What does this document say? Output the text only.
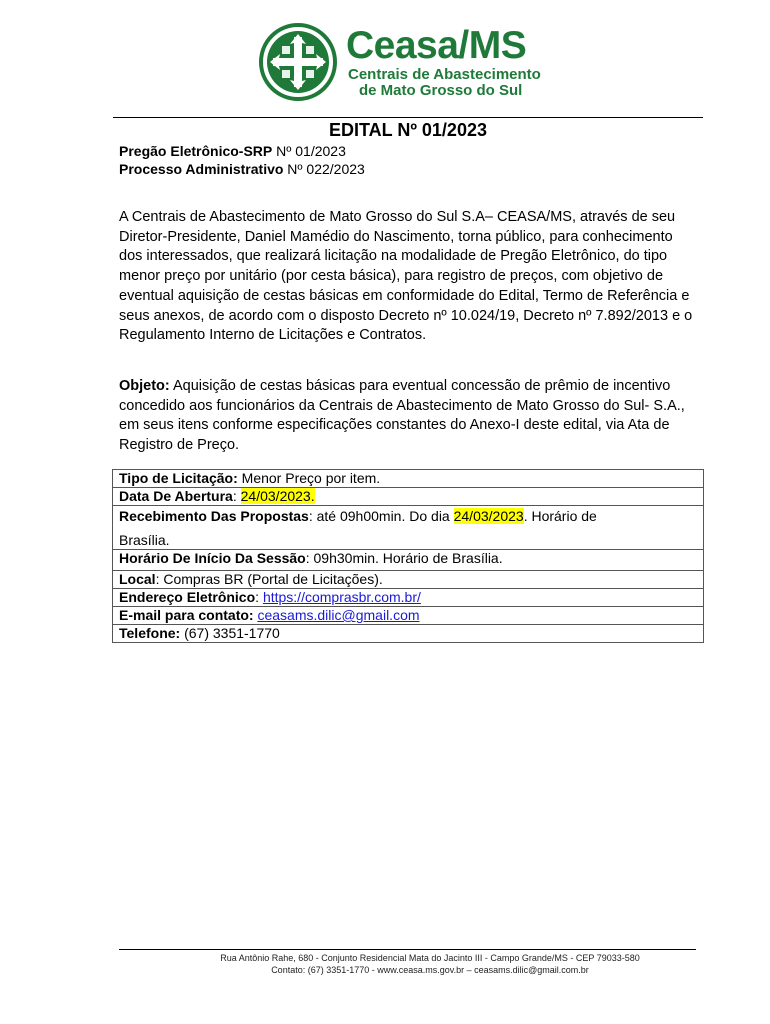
Ceasa/MS
Centrais de Abastecimento
de Mato Grosso do Sul
EDITAL Nº 01/2023
Pregão Eletrônico-SRP Nº 01/2023
Processo Administrativo Nº 022/2023
A Centrais de Abastecimento de Mato Grosso do Sul S.A– CEASA/MS, através de seu Diretor-Presidente, Daniel Mamédio do Nascimento, torna público, para conhecimento dos interessados, que realizará licitação na modalidade de Pregão Eletrônico, do tipo menor preço por unitário (por cesta básica), para registro de preços, com objetivo de eventual aquisição de cestas básicas em conformidade do Edital, Termo de Referência e seus anexos, de acordo com o disposto Decreto nº 10.024/19, Decreto nº 7.892/2013 e o Regulamento Interno de Licitações e Contratos.
Objeto: Aquisição de cestas básicas para eventual concessão de prêmio de incentivo concedido aos funcionários da Centrais de Abastecimento de Mato Grosso do Sul- S.A., em seus itens conforme especificações constantes do Anexo-I deste edital, via Ata de Registro de Preço.
Tipo de Licitação: Menor Preço por item.
Data De Abertura: 24/03/2023.
Recebimento Das Propostas: até 09h00min. Do dia 24/03/2023. Horário de
Brasília.

Horário De Início Da Sessão: 09h30min. Horário de Brasília.
Local: Compras BR (Portal de Licitações).
Endereço Eletrônico: https://comprasbr.com.br/
E-mail para contato: ceasams.dilic@gmail.com
Telefone: (67) 3351-1770
Rua Antônio Rahe, 680 - Conjunto Residencial Mata do Jacinto III - Campo Grande/MS - CEP 79033-580
Contato: (67) 3351-1770 - www.ceasa.ms.gov.br – ceasams.dilic@gmail.com.br
